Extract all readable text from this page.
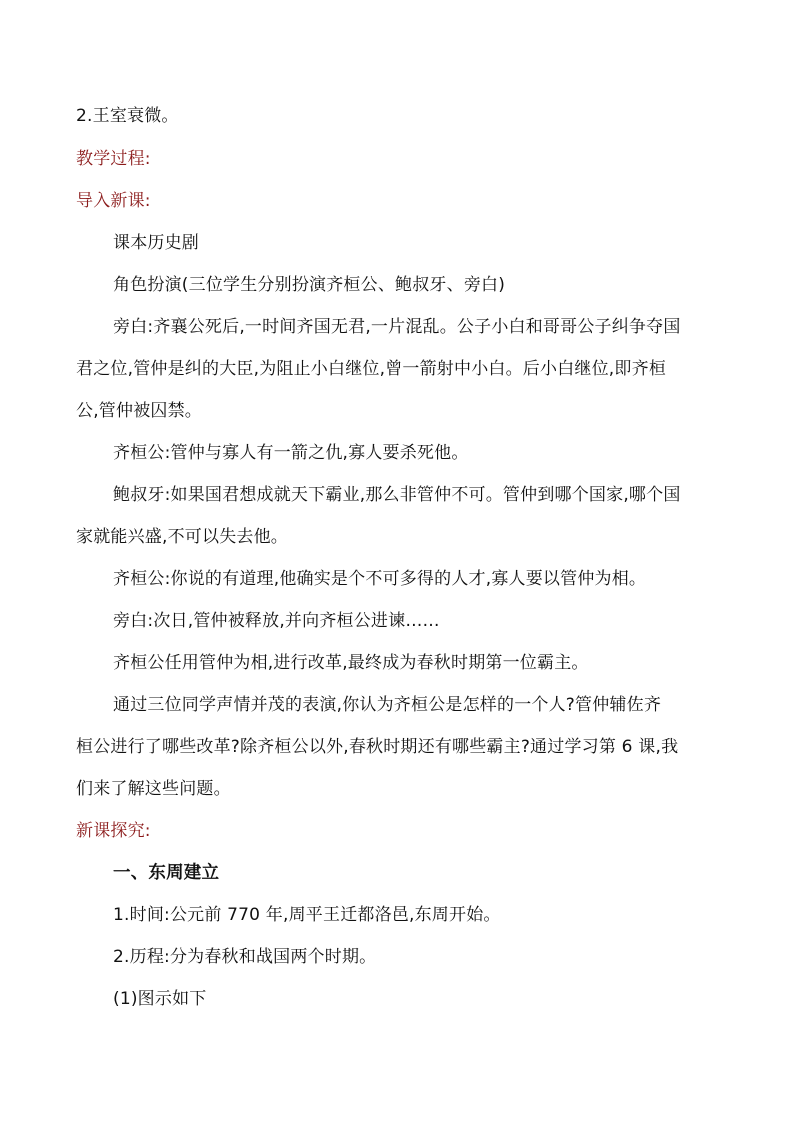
2.王室衰微。
教学过程:
导入新课:
课本历史剧
角色扮演(三位学生分别扮演齐桓公、鲍叔牙、旁白)
旁白:齐襄公死后,一时间齐国无君,一片混乱。公子小白和哥哥公子纠争夺国
君之位,管仲是纠的大臣,为阻止小白继位,曾一箭射中小白。后小白继位,即齐桓
公,管仲被囚禁。
齐桓公:管仲与寡人有一箭之仇,寡人要杀死他。
鲍叔牙:如果国君想成就天下霸业,那么非管仲不可。管仲到哪个国家,哪个国
家就能兴盛,不可以失去他。
齐桓公:你说的有道理,他确实是个不可多得的人才,寡人要以管仲为相。
旁白:次日,管仲被释放,并向齐桓公进谏……
齐桓公任用管仲为相,进行改革,最终成为春秋时期第一位霸主。
通过三位同学声情并茂的表演,你认为齐桓公是怎样的一个人?管仲辅佐齐
桓公进行了哪些改革?除齐桓公以外,春秋时期还有哪些霸主?通过学习第 6 课,我
们来了解这些问题。
新课探究:
一、东周建立
1.时间:公元前 770 年,周平王迁都洛邑,东周开始。
2.历程:分为春秋和战国两个时期。
(1)图示如下
